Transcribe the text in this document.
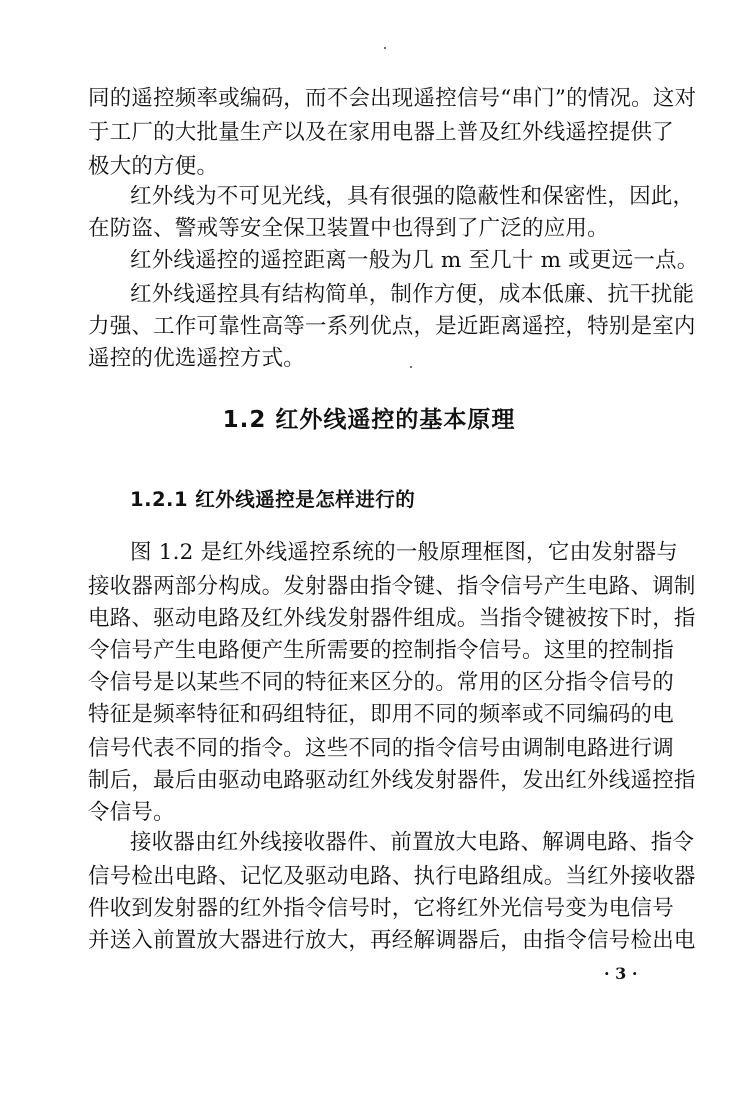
同的遥控频率或编码，而不会出现遥控信号“串门”的情况。这对
于工厂的大批量生产以及在家用电器上普及红外线遥控提供了
极大的方便。
红外线为不可见光线，具有很强的隐蔽性和保密性，因此，
在防盗、警戒等安全保卫装置中也得到了广泛的应用。
红外线遥控的遥控距离一般为几 m 至几十 m 或更远一点。
红外线遥控具有结构简单，制作方便，成本低廉、抗干扰能
力强、工作可靠性高等一系列优点，是近距离遥控，特别是室内
遥控的优选遥控方式。
1.2 红外线遥控的基本原理
1.2.1 红外线遥控是怎样进行的
图 1.2 是红外线遥控系统的一般原理框图，它由发射器与
接收器两部分构成。发射器由指令键、指令信号产生电路、调制
电路、驱动电路及红外线发射器件组成。当指令键被按下时，指
令信号产生电路便产生所需要的控制指令信号。这里的控制指
令信号是以某些不同的特征来区分的。常用的区分指令信号的
特征是频率特征和码组特征，即用不同的频率或不同编码的电
信号代表不同的指令。这些不同的指令信号由调制电路进行调
制后，最后由驱动电路驱动红外线发射器件，发出红外线遥控指
令信号。
接收器由红外线接收器件、前置放大电路、解调电路、指令
信号检出电路、记忆及驱动电路、执行电路组成。当红外接收器
件收到发射器的红外指令信号时，它将红外光信号变为电信号
并送入前置放大器进行放大，再经解调器后，由指令信号检出电
· 3 ·
